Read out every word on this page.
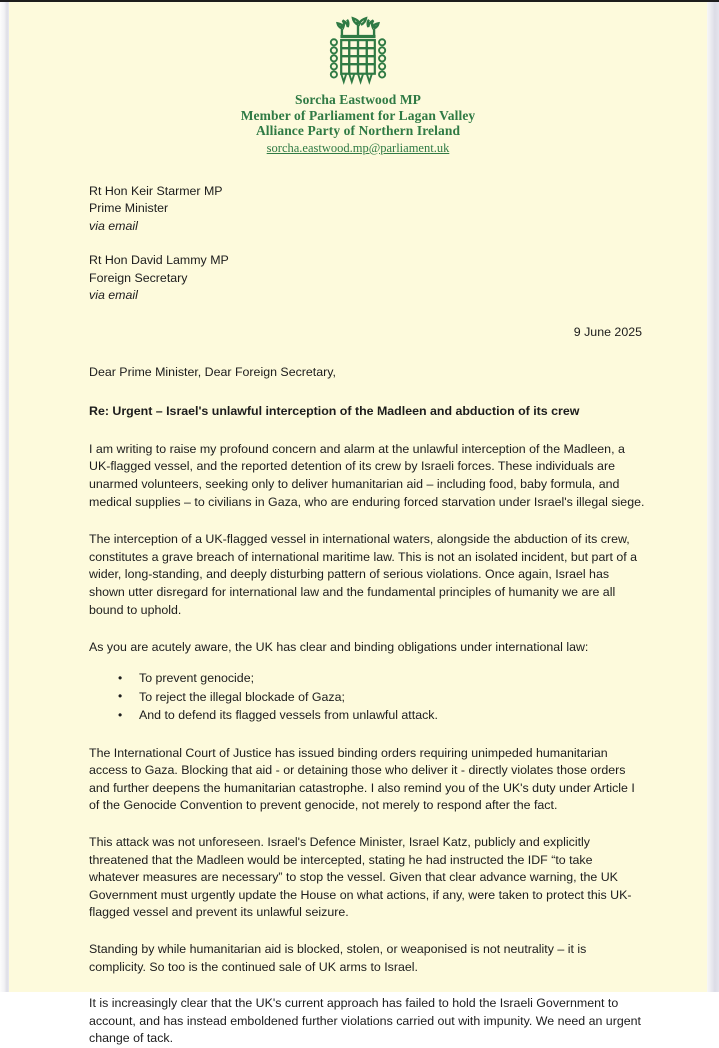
Sorcha Eastwood MP
Member of Parliament for Lagan Valley
Alliance Party of Northern Ireland
sorcha.eastwood.mp@parliament.uk
Rt Hon Keir Starmer MP
Prime Minister
via email
Rt Hon David Lammy MP
Foreign Secretary
via email
9 June 2025
Dear Prime Minister, Dear Foreign Secretary,
Re: Urgent – Israel's unlawful interception of the Madleen and abduction of its crew

I am writing to raise my profound concern and alarm at the unlawful interception of the Madleen, a UK-flagged vessel, and the reported detention of its crew by Israeli forces. These individuals are unarmed volunteers, seeking only to deliver humanitarian aid – including food, baby formula, and medical supplies – to civilians in Gaza, who are enduring forced starvation under Israel's illegal siege.

The interception of a UK-flagged vessel in international waters, alongside the abduction of its crew, constitutes a grave breach of international maritime law. This is not an isolated incident, but part of a wider, long-standing, and deeply disturbing pattern of serious violations. Once again, Israel has shown utter disregard for international law and the fundamental principles of humanity we are all bound to uphold.

As you are acutely aware, the UK has clear and binding obligations under international law:

• To prevent genocide;
• To reject the illegal blockade of Gaza;
• And to defend its flagged vessels from unlawful attack.

The International Court of Justice has issued binding orders requiring unimpeded humanitarian access to Gaza. Blocking that aid - or detaining those who deliver it - directly violates those orders and further deepens the humanitarian catastrophe. I also remind you of the UK's duty under Article I of the Genocide Convention to prevent genocide, not merely to respond after the fact.

This attack was not unforeseen. Israel's Defence Minister, Israel Katz, publicly and explicitly threatened that the Madleen would be intercepted, stating he had instructed the IDF “to take whatever measures are necessary” to stop the vessel. Given that clear advance warning, the UK Government must urgently update the House on what actions, if any, were taken to protect this UK-flagged vessel and prevent its unlawful seizure.

Standing by while humanitarian aid is blocked, stolen, or weaponised is not neutrality – it is complicity. So too is the continued sale of UK arms to Israel.

It is increasingly clear that the UK's current approach has failed to hold the Israeli Government to account, and has instead emboldened further violations carried out with impunity. We need an urgent change of tack.
